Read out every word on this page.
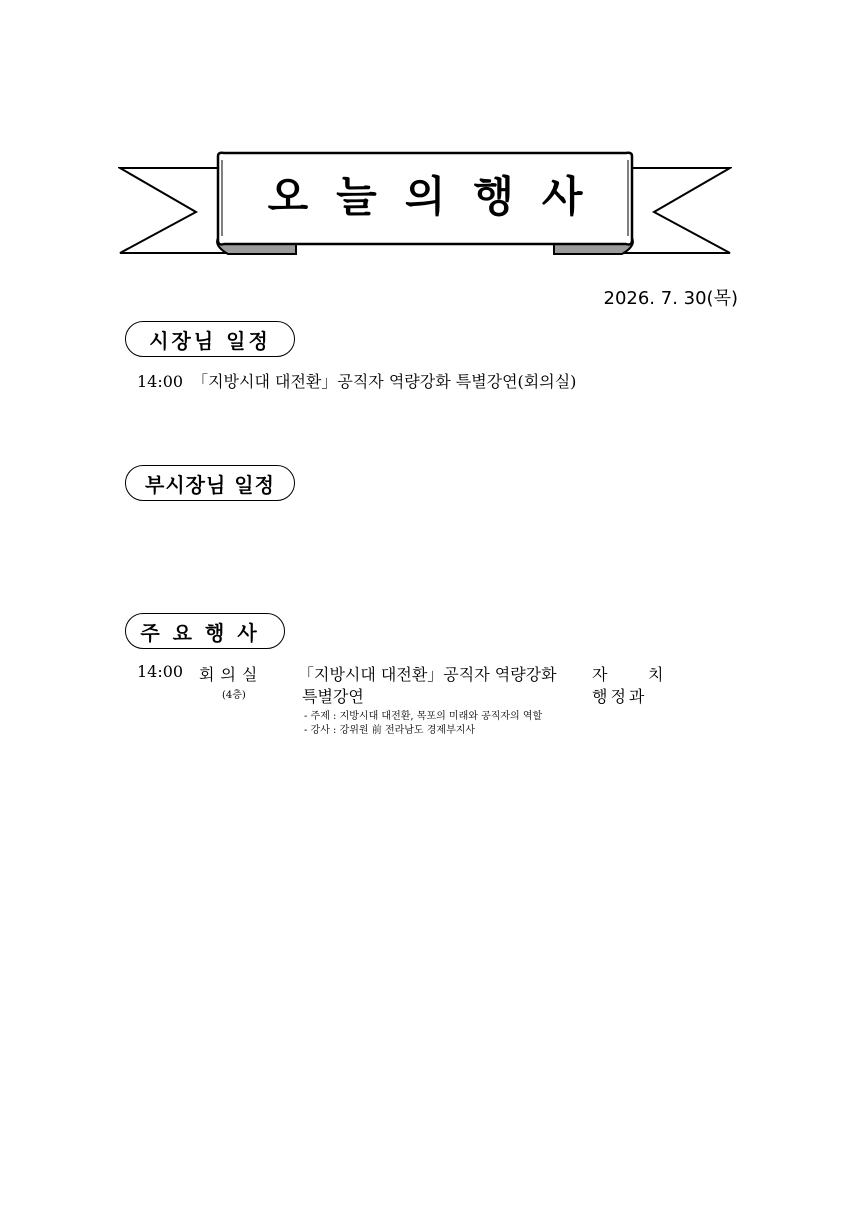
오늘의행사
2026. 7. 30(목)
시장님 일정
14:00 「지방시대 대전환」공직자 역량강화 특별강연(회의실)
부시장님 일정
주요행사
14:00 회의실
(4층)
「지방시대 대전환」공직자 역량강화
특별강연
- 주제 : 지방시대 대전환, 목포의 미래와 공직자의 역할
- 강사 : 강위원 前 전라남도 경제부지사
자	치
행정과
